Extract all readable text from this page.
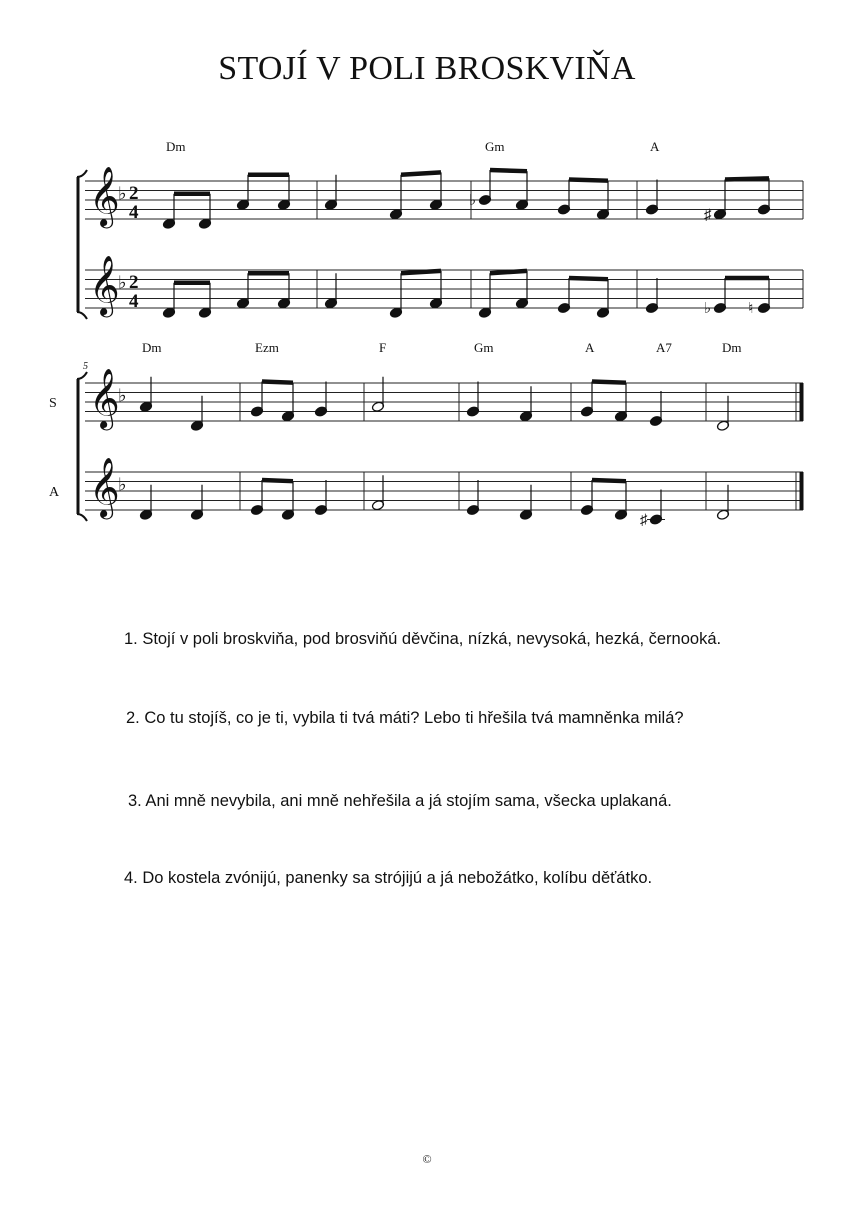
STOJÍ V POLI BROSKVIŇA
Dm	Gm	A
𝄞
♭ 2
4
♭
♯
𝄞
♭ 2
4	♭ ♮
Dm	Ezm	F	Gm	A	A7	Dm
5
𝄞
♭
S
𝄞
♭
A
♯
1. Stojí v poli broskviňa, pod brosviňú děvčina, nízká, nevysoká, hezká, černooká.
2. Co tu stojíš, co je ti, vybila ti tvá máti? Lebo ti hřešila tvá mamněnka milá?
3. Ani mně nevybila, ani mně nehřešila a já stojím sama, všecka uplakaná.
4. Do kostela zvónijú, panenky sa strójijú a já nebožátko, kolíbu děťátko.
©
